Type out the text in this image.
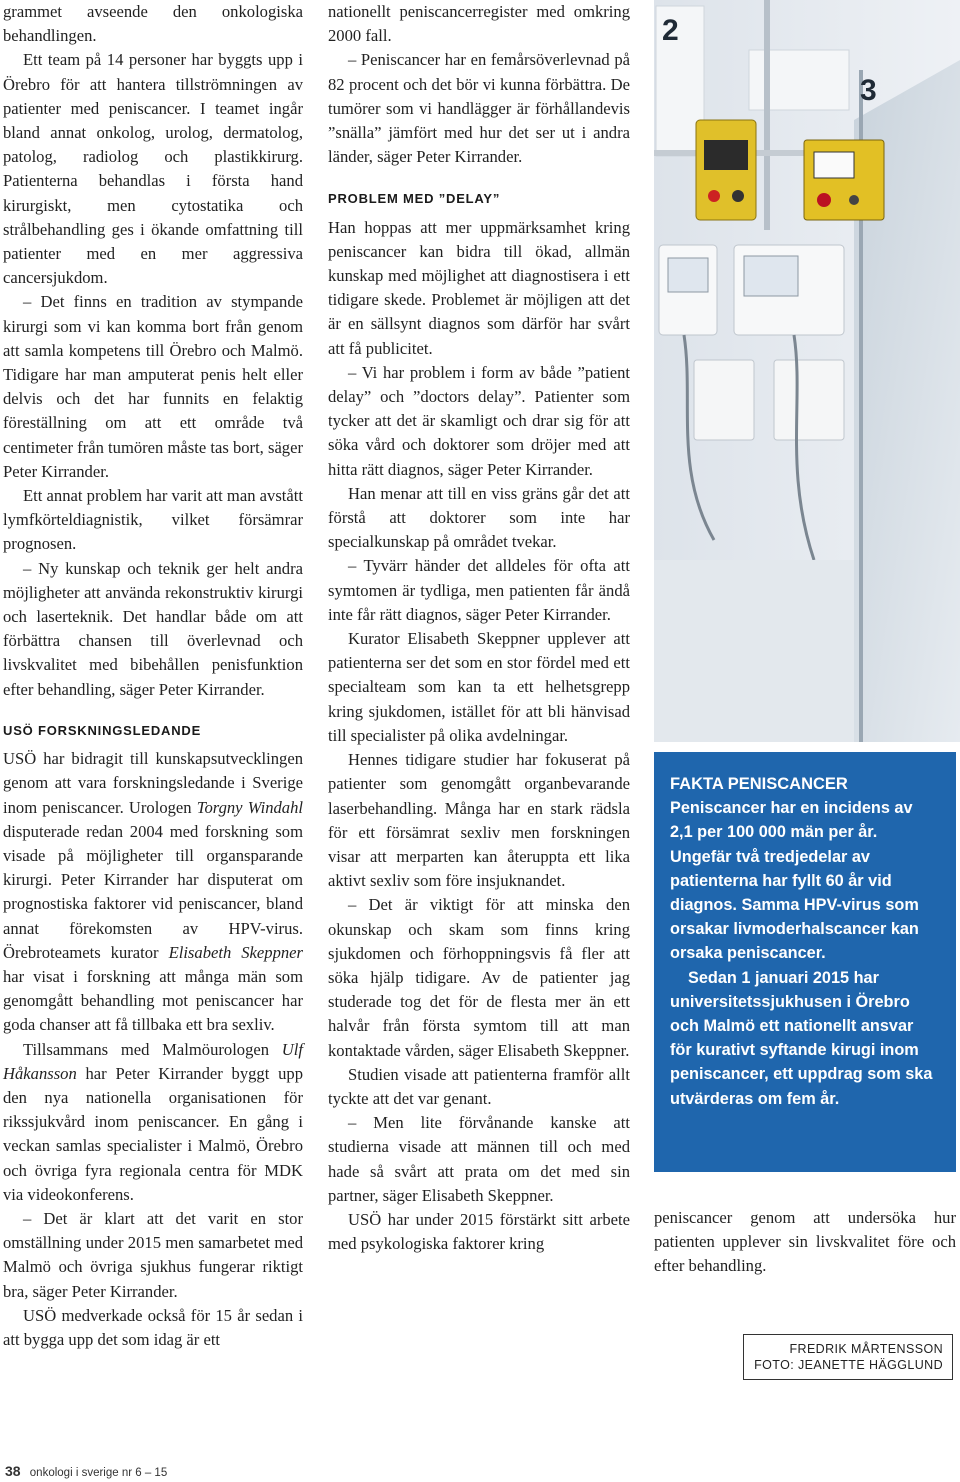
grammet avseende den onkologiska behandlingen.

Ett team på 14 personer har byggts upp i Örebro för att hantera tillströmningen av patienter med peniscancer. I teamet ingår bland annat onkolog, urolog, dermatolog, patolog, radiolog och plastikkirurg. Patienterna behandlas i första hand kirurgiskt, men cytostatika och strålbehandling ges i ökande omfattning till patienter med en mer aggressiva cancersjukdom.

– Det finns en tradition av stympande kirurgi som vi kan komma bort från genom att samla kompetens till Örebro och Malmö. Tidigare har man amputerat penis helt eller delvis och det har funnits en felaktig föreställning om att ett område två centimeter från tumören måste tas bort, säger Peter Kirrander.

Ett annat problem har varit att man avstått lymfkörteldiagnistik, vilket försämrar prognosen.

– Ny kunskap och teknik ger helt andra möjligheter att använda rekonstruktiv kirurgi och laserteknik. Det handlar både om att förbättra chansen till överlevnad och livskvalitet med bibehållen penisfunktion efter behandling, säger Peter Kirrander.

USÖ FORSKNINGSLEDANDE

USÖ har bidragit till kunskapsutvecklingen genom att vara forskningsledande i Sverige inom peniscancer. Urologen Torgny Windahl disputerade redan 2004 med forskning som visade på möjligheter till organsparande kirurgi. Peter Kirrander har disputerat om prognostiska faktorer vid peniscancer, bland annat förekomsten av HPV-virus. Örebroteamets kurator Elisabeth Skeppner har visat i forskning att många män som genomgått behandling mot peniscancer har goda chanser att få tillbaka ett bra sexliv.

Tillsammans med Malmöurologen Ulf Håkansson har Peter Kirrander byggt upp den nya nationella organisationen för rikssjukvård inom peniscancer. En gång i veckan samlas specialister i Malmö, Örebro och övriga fyra regionala centra för MDK via videokonferens.

– Det är klart att det varit en stor omställning under 2015 men samarbetet med Malmö och övriga sjukhus fungerar riktigt bra, säger Peter Kirrander.

USÖ medverkade också för 15 år sedan i att bygga upp det som idag är ett

nationellt peniscancerregister med omkring 2000 fall.

– Peniscancer har en femårsöverlevnad på 82 procent och det bör vi kunna förbättra. De tumörer som vi handlägger är förhållandevis ”snälla” jämfört med hur det ser ut i andra länder, säger Peter Kirrander.

PROBLEM MED ”DELAY”

Han hoppas att mer uppmärksamhet kring peniscancer kan bidra till ökad, allmän kunskap med möjlighet att diagnostisera i ett tidigare skede. Problemet är möjligen att det är en sällsynt diagnos som därför har svårt att få publicitet.

– Vi har problem i form av både ”patient delay” och ”doctors delay”. Patienter som tycker att det är skamligt och drar sig för att söka vård och doktorer som dröjer med att hitta rätt diagnos, säger Peter Kirrander.

Han menar att till en viss gräns går det att förstå att doktorer som inte har specialkunskap på området tvekar.

– Tyvärr händer det alldeles för ofta att symtomen är tydliga, men patienten får ändå inte får rätt diagnos, säger Peter Kirrander.

Kurator Elisabeth Skeppner upplever att patienterna ser det som en stor fördel med ett specialteam som kan ta ett helhetsgrepp kring sjukdomen, istället för att bli hänvisad till specialister på olika avdelningar.

Hennes tidigare studier har fokuserat på patienter som genomgått organbevarande laserbehandling. Många har en stark rädsla för ett försämrat sexliv men forskningen visar att merparten kan återuppta ett lika aktivt sexliv som före insjuknandet.

– Det är viktigt för att minska den okunskap och skam som finns kring sjukdomen och förhoppningsvis få fler att söka hjälp tidigare. Av de patienter jag studerade tog det för de flesta mer än ett halvår från första symtom till att man kontaktade vården, säger Elisabeth Skeppner.

Studien visade att patienterna framför allt tyckte att det var genant.

– Men lite förvånande kanske att studierna visade att männen till och med hade så svårt att prata om det med sin partner, säger Elisabeth Skeppner.

USÖ har under 2015 förstärkt sitt arbete med psykologiska faktorer kring

2
3

FAKTA PENISCANCER

Peniscancer har en incidens av 2,1 per 100 000 män per år. Ungefär två tredjedelar av patienterna har fyllt 60 år vid diagnos. Samma HPV-virus som orsakar livmoderhalscancer kan orsaka peniscancer.

Sedan 1 januari 2015 har universitetssjukhusen i Örebro och Malmö ett nationellt ansvar för kurativt syftande kirugi inom peniscancer, ett uppdrag som ska utvärderas om fem år.

peniscancer genom att undersöka hur patienten upplever sin livskvalitet före och efter behandling.

FREDRIK MÅRTENSSON
FOTO: JEANETTE HÄGGLUND
38 onkologi i sverige nr 6 – 15
